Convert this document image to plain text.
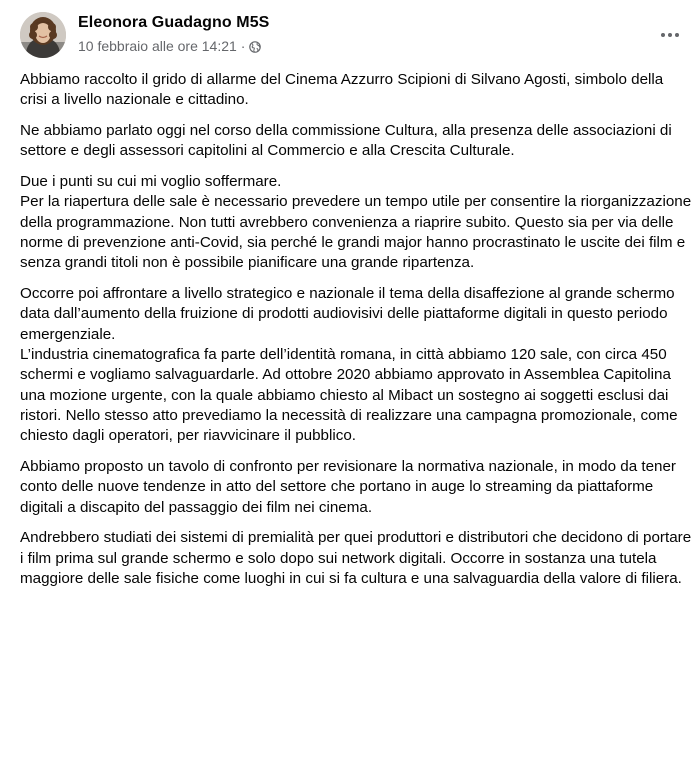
Eleonora Guadagno M5S
10 febbraio alle ore 14:21 ·

Abbiamo raccolto il grido di allarme del Cinema Azzurro Scipioni di Silvano Agosti, simbolo della crisi a livello nazionale e cittadino.

Ne abbiamo parlato oggi nel corso della commissione Cultura, alla presenza delle associazioni di settore e degli assessori capitolini al Commercio e alla Crescita Culturale.

Due i punti su cui mi voglio soffermare.
Per la riapertura delle sale è necessario prevedere un tempo utile per consentire la riorganizzazione della programmazione. Non tutti avrebbero convenienza a riaprire subito. Questo sia per via delle norme di prevenzione anti-Covid, sia perché le grandi major hanno procrastinato le uscite dei film e senza grandi titoli non è possibile pianificare una grande ripartenza.

Occorre poi affrontare a livello strategico e nazionale il tema della disaffezione al grande schermo data dall’aumento della fruizione di prodotti audiovisivi delle piattaforme digitali in questo periodo emergenziale.
L’industria cinematografica fa parte dell’identità romana, in città abbiamo 120 sale, con circa 450 schermi e vogliamo salvaguardarle. Ad ottobre 2020 abbiamo approvato in Assemblea Capitolina una mozione urgente, con la quale abbiamo chiesto al Mibact un sostegno ai soggetti esclusi dai ristori. Nello stesso atto prevediamo la necessità di realizzare una campagna promozionale, come chiesto dagli operatori, per riavvicinare il pubblico.

Abbiamo proposto un tavolo di confronto per revisionare la normativa nazionale, in modo da tener conto delle nuove tendenze in atto del settore che portano in auge lo streaming da piattaforme digitali a discapito del passaggio dei film nei cinema.

Andrebbero studiati dei sistemi di premialità per quei produttori e distributori che decidono di portare i film prima sul grande schermo e solo dopo sui network digitali. Occorre in sostanza una tutela maggiore delle sale fisiche come luoghi in cui si fa cultura e una salvaguardia della valore di filiera.
